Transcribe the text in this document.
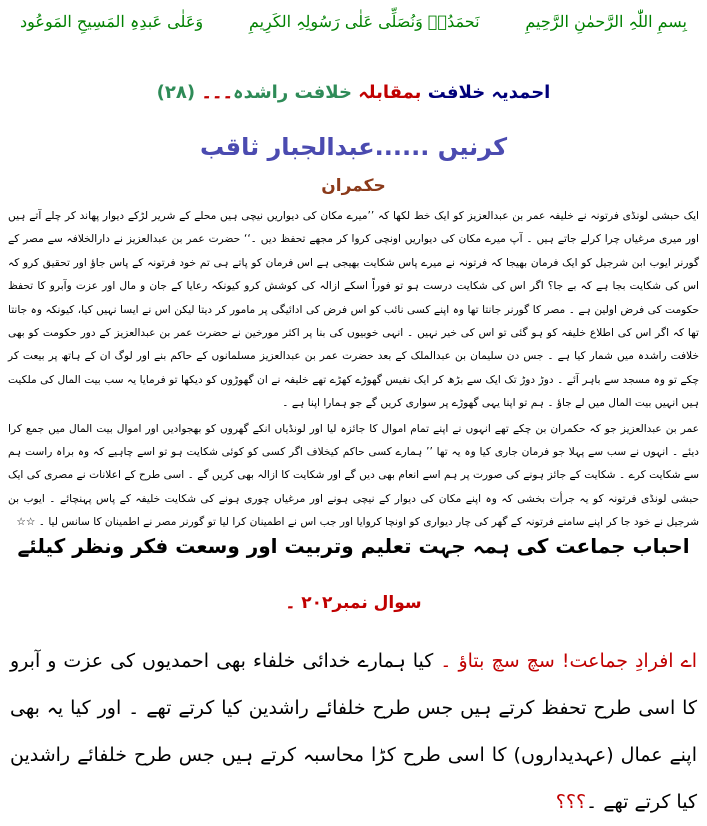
بِسمِ اللّٰہِ الرَّحمٰنِ الرَّحِیمِ
نَحمَدُہٗ وَنُصَلِّی عَلٰی رَسُولِہِ الکَرِیمِ
وَعَلٰی عَبدِہِ المَسِیحِ المَوعُود
احمدیہ خلافت بمقابلہ خلافت راشدہ۔۔۔ (۲۸)
کرنیں ......عبدالجبار ثاقب
حکمران

ایک حبشی لونڈی فرتونہ نے خلیفہ عمر بن عبدالعزیز کو ایک خط لکھا کہ ’’میرے مکان کی دیواریں نیچی ہیں محلے کے شریر لڑکے دیوار پھاند کر چلے آتے ہیں اور میری مرغیاں چرا کرلے جاتے ہیں ۔ آپ میرے مکان کی دیواریں اونچی کروا کر مجھے تحفظ دیں ۔‘‘ حضرت عمر بن عبدالعزیز نے دارالخلافہ سے مصر کے گورنر ایوب ابن شرجیل کو ایک فرمان بھیجا کہ فرتونہ نے میرے پاس شکایت بھیجی ہے اس فرمان کو پاتے ہی تم خود فرتونہ کے پاس جاؤ اور تحقیق کرو کہ اس کی شکایت بجا ہے کہ بے جا؟ اگر اس کی شکایت درست ہو تو فوراً اسکے ازالہ کی کوشش کرو کیونکہ رعایا کے جان و مال اور عزت وآبرو کا تحفظ حکومت کی فرض اولین ہے ۔ مصر کا گورنر جانتا تھا وہ اپنے کسی نائب کو اس فرض کی ادائیگی پر مامور کر دیتا لیکن اس نے ایسا نہیں کیا، کیونکہ وہ جانتا تھا کہ اگر اس کی اطلاع خلیفہ کو ہو گئی تو اس کی خیر نہیں ۔ انہی خوبیوں کی بنا پر اکثر مورخین نے حضرت عمر بن عبدالعزیز کے دور حکومت کو بھی خلافت راشدہ میں شمار کیا ہے ۔ جس دن سلیمان بن عبدالملک کے بعد حضرت عمر بن عبدالعزیز مسلمانوں کے حاکم بنے اور لوگ ان کے ہاتھ پر بیعت کر چکے تو وہ مسجد سے باہر آئے ۔ دوڑ دوڑ تک ایک سے بڑھ کر ایک نفیس گھوڑے کھڑے تھے خلیفہ نے ان گھوڑوں کو دیکھا تو فرمایا یہ سب بیت المال کی ملکیت ہیں انہیں بیت المال میں لے جاؤ ۔ ہم تو اپنا یہی گھوڑے پر سواری کریں گے جو ہمارا اپنا ہے ۔

عمر بن عبدالعزیز جو کہ حکمران بن چکے تھے انہوں نے اپنے تمام اموال کا جائزہ لیا اور لونڈیاں انکے گھروں کو بھجوادیں اور اموال بیت المال میں جمع کرا دیئے ۔ انہوں نے سب سے پہلا جو فرمان جاری کیا وہ یہ تھا ’’ ہمارے کسی حاکم کیخلاف اگر کسی کو کوئی شکایت ہو تو اسے چاہیے کہ وہ براہ راست ہم سے شکایت کرے ۔ شکایت کے جائز ہونے کی صورت پر ہم اسے انعام بھی دیں گے اور شکایت کا ازالہ بھی کریں گے ۔ اسی طرح کے اعلانات نے مصری کی ایک حبشی لونڈی فرتونہ کو یہ جرأت بخشی کہ وہ اپنے مکان کی دیوار کے نیچی ہونے اور مرغیاں چوری ہونے کی شکایت خلیفہ کے پاس پہنچائے ۔ ایوب بن شرجیل نے خود جا کر اپنے سامنے فرتونہ کے گھر کی چار دیواری کو اونچا کروایا اور جب اس نے اطمینان کرا لیا تو گورنر مصر نے اطمینان کا سانس لیا ۔ ☆☆

احباب جماعت کی ہمہ جہت تعلیم وتربیت اور وسعت فکر ونظر کیلئے
سوال نمبر۲۰۲ ۔
اے افرادِ جماعت! سچ سچ بتاؤ ۔ کیا ہمارے خدائی خلفاء بھی احمدیوں کی عزت و آبرو کا اسی طرح تحفظ کرتے ہیں جس طرح خلفائے راشدین کیا کرتے تھے ۔ اور کیا یہ بھی اپنے عمال (عہدیداروں) کا اسی طرح کڑا محاسبہ کرتے ہیں جس طرح خلفائے راشدین کیا کرتے تھے ۔؟؟؟
